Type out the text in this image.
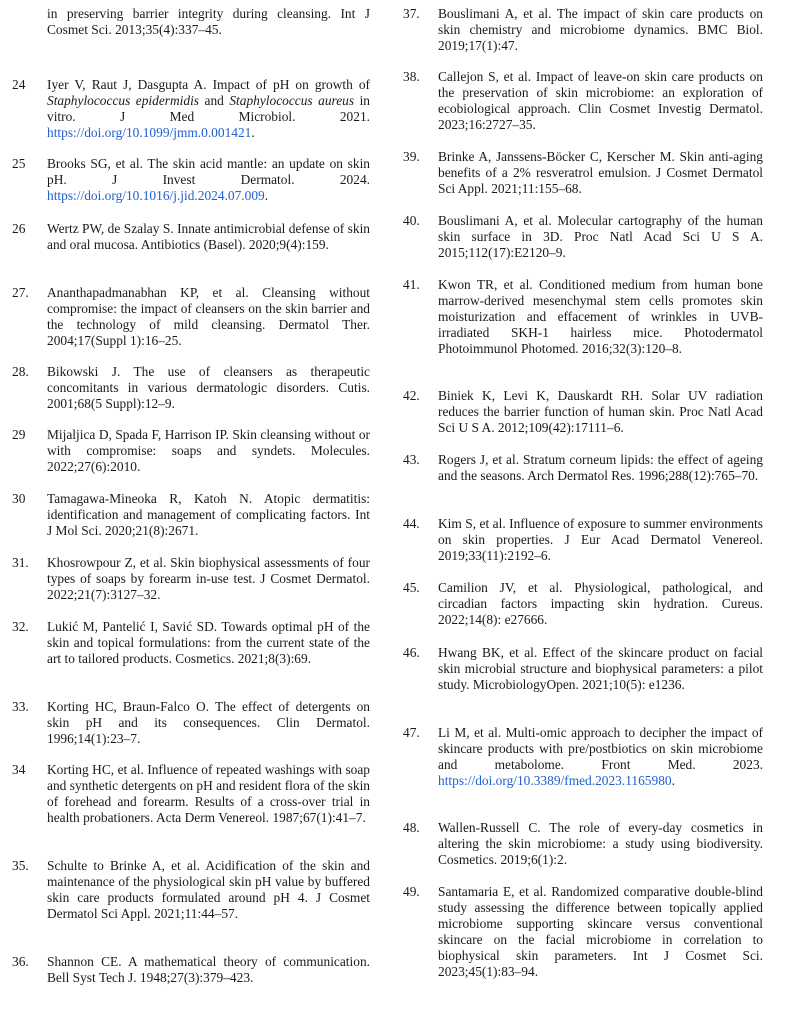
in preserving barrier integrity during cleansing. Int J Cosmet Sci. 2013;35(4):337–45.
24	Iyer V, Raut J, Dasgupta A. Impact of pH on growth of Staphylococcus epidermidis and Staphylococcus aureus in vitro. J Med Microbiol. 2021. https://doi.org/10.1099/jmm.0.001421.
25	Brooks SG, et al. The skin acid mantle: an update on skin pH. J Invest Dermatol. 2024. https://doi.org/10.1016/j.jid.2024.07.009.
26	Wertz PW, de Szalay S. Innate antimicrobial defense of skin and oral mucosa. Antibiotics (Basel). 2020;9(4):159.
27.	Ananthapadmanabhan KP, et al. Cleansing without compromise: the impact of cleansers on the skin barrier and the technology of mild cleansing. Dermatol Ther. 2004;17(Suppl 1):16–25.
28.	Bikowski J. The use of cleansers as therapeutic concomitants in various dermatologic disorders. Cutis. 2001;68(5 Suppl):12–9.
29	Mijaljica D, Spada F, Harrison IP. Skin cleansing without or with compromise: soaps and syndets. Molecules. 2022;27(6):2010.
30	Tamagawa-Mineoka R, Katoh N. Atopic dermatitis: identification and management of complicating factors. Int J Mol Sci. 2020;21(8):2671.
31.	Khosrowpour Z, et al. Skin biophysical assessments of four types of soaps by forearm in-use test. J Cosmet Dermatol. 2022;21(7):3127–32.
32.	Lukić M, Pantelić I, Savić SD. Towards optimal pH of the skin and topical formulations: from the current state of the art to tailored products. Cosmetics. 2021;8(3):69.
33.	Korting HC, Braun-Falco O. The effect of detergents on skin pH and its consequences. Clin Dermatol. 1996;14(1):23–7.
34	Korting HC, et al. Influence of repeated washings with soap and synthetic detergents on pH and resident flora of the skin of forehead and forearm. Results of a cross-over trial in health probationers. Acta Derm Venereol. 1987;67(1):41–7.
35.	Schulte to Brinke A, et al. Acidification of the skin and maintenance of the physiological skin pH value by buffered skin care products formulated around pH 4. J Cosmet Dermatol Sci Appl. 2021;11:44–57.
36.	Shannon CE. A mathematical theory of communication. Bell Syst Tech J. 1948;27(3):379–423.
37.	Bouslimani A, et al. The impact of skin care products on skin chemistry and microbiome dynamics. BMC Biol. 2019;17(1):47.
38.	Callejon S, et al. Impact of leave-on skin care products on the preservation of skin microbiome: an exploration of ecobiological approach. Clin Cosmet Investig Dermatol. 2023;16:2727–35.
39.	Brinke A, Janssens-Böcker C, Kerscher M. Skin anti-aging benefits of a 2% resveratrol emulsion. J Cosmet Dermatol Sci Appl. 2021;11:155–68.
40.	Bouslimani A, et al. Molecular cartography of the human skin surface in 3D. Proc Natl Acad Sci U S A. 2015;112(17):E2120–9.
41.	Kwon TR, et al. Conditioned medium from human bone marrow-derived mesenchymal stem cells promotes skin moisturization and effacement of wrinkles in UVB-irradiated SKH-1 hairless mice. Photodermatol Photoimmunol Photomed. 2016;32(3):120–8.
42.	Biniek K, Levi K, Dauskardt RH. Solar UV radiation reduces the barrier function of human skin. Proc Natl Acad Sci U S A. 2012;109(42):17111–6.
43.	Rogers J, et al. Stratum corneum lipids: the effect of ageing and the seasons. Arch Dermatol Res. 1996;288(12):765–70.
44.	Kim S, et al. Influence of exposure to summer environments on skin properties. J Eur Acad Dermatol Venereol. 2019;33(11):2192–6.
45.	Camilion JV, et al. Physiological, pathological, and circadian factors impacting skin hydration. Cureus. 2022;14(8): e27666.
46.	Hwang BK, et al. Effect of the skincare product on facial skin microbial structure and biophysical parameters: a pilot study. MicrobiologyOpen. 2021;10(5): e1236.
47.	Li M, et al. Multi-omic approach to decipher the impact of skincare products with pre/postbiotics on skin microbiome and metabolome. Front Med. 2023. https://doi.org/10.3389/fmed.2023.1165980.
48.	Wallen-Russell C. The role of every-day cosmetics in altering the skin microbiome: a study using biodiversity. Cosmetics. 2019;6(1):2.
49.	Santamaria E, et al. Randomized comparative double-blind study assessing the difference between topically applied microbiome supporting skincare versus conventional skincare on the facial microbiome in correlation to biophysical skin parameters. Int J Cosmet Sci. 2023;45(1):83–94.
